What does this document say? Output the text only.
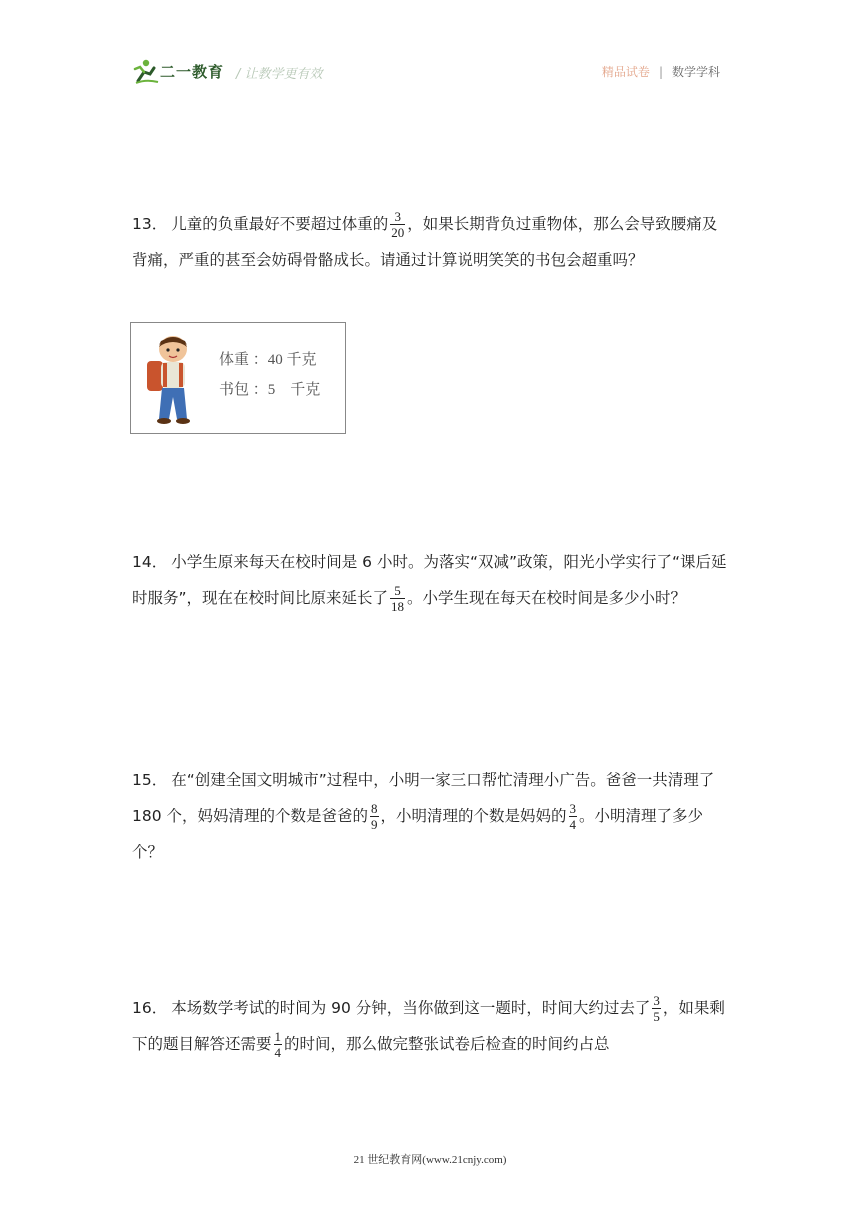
二一教育 / 让教学更有效	精品试卷 | 数学学科
13． 儿童的负重最好不要超过体重的 $\frac{3}{20}$ ，如果长期背负过重物体，那么会导致腰痛及背痛，严重的甚至会妨碍骨骼成长。请通过计算说明笑笑的书包会超重吗？
体重 ：40 千克
书包 ：5　千克
14． 小学生原来每天在校时间是 6 小时。为落实“双减”政策，阳光小学实行了“课后延时服务”，现在在校时间比原来延长了 $\frac{5}{18}$ 。小学生现在每天在校时间是多少小时？
15． 在“创建全国文明城市”过程中，小明一家三口帮忙清理小广告。爸爸一共清理了 180 个，妈妈清理的个数是爸爸的 $\frac{8}{9}$ ，小明清理的个数是妈妈的 $\frac{3}{4}$ 。小明清理了多少个？
16． 本场数学考试的时间为 90 分钟，当你做到这一题时，时间大约过去了 $\frac{3}{5}$ ，如果剩下的题目解答还需要 $\frac{1}{4}$ 的时间，那么做完整张试卷后检查的时间约占总
21 世纪教育网(www.21cnjy.com)
